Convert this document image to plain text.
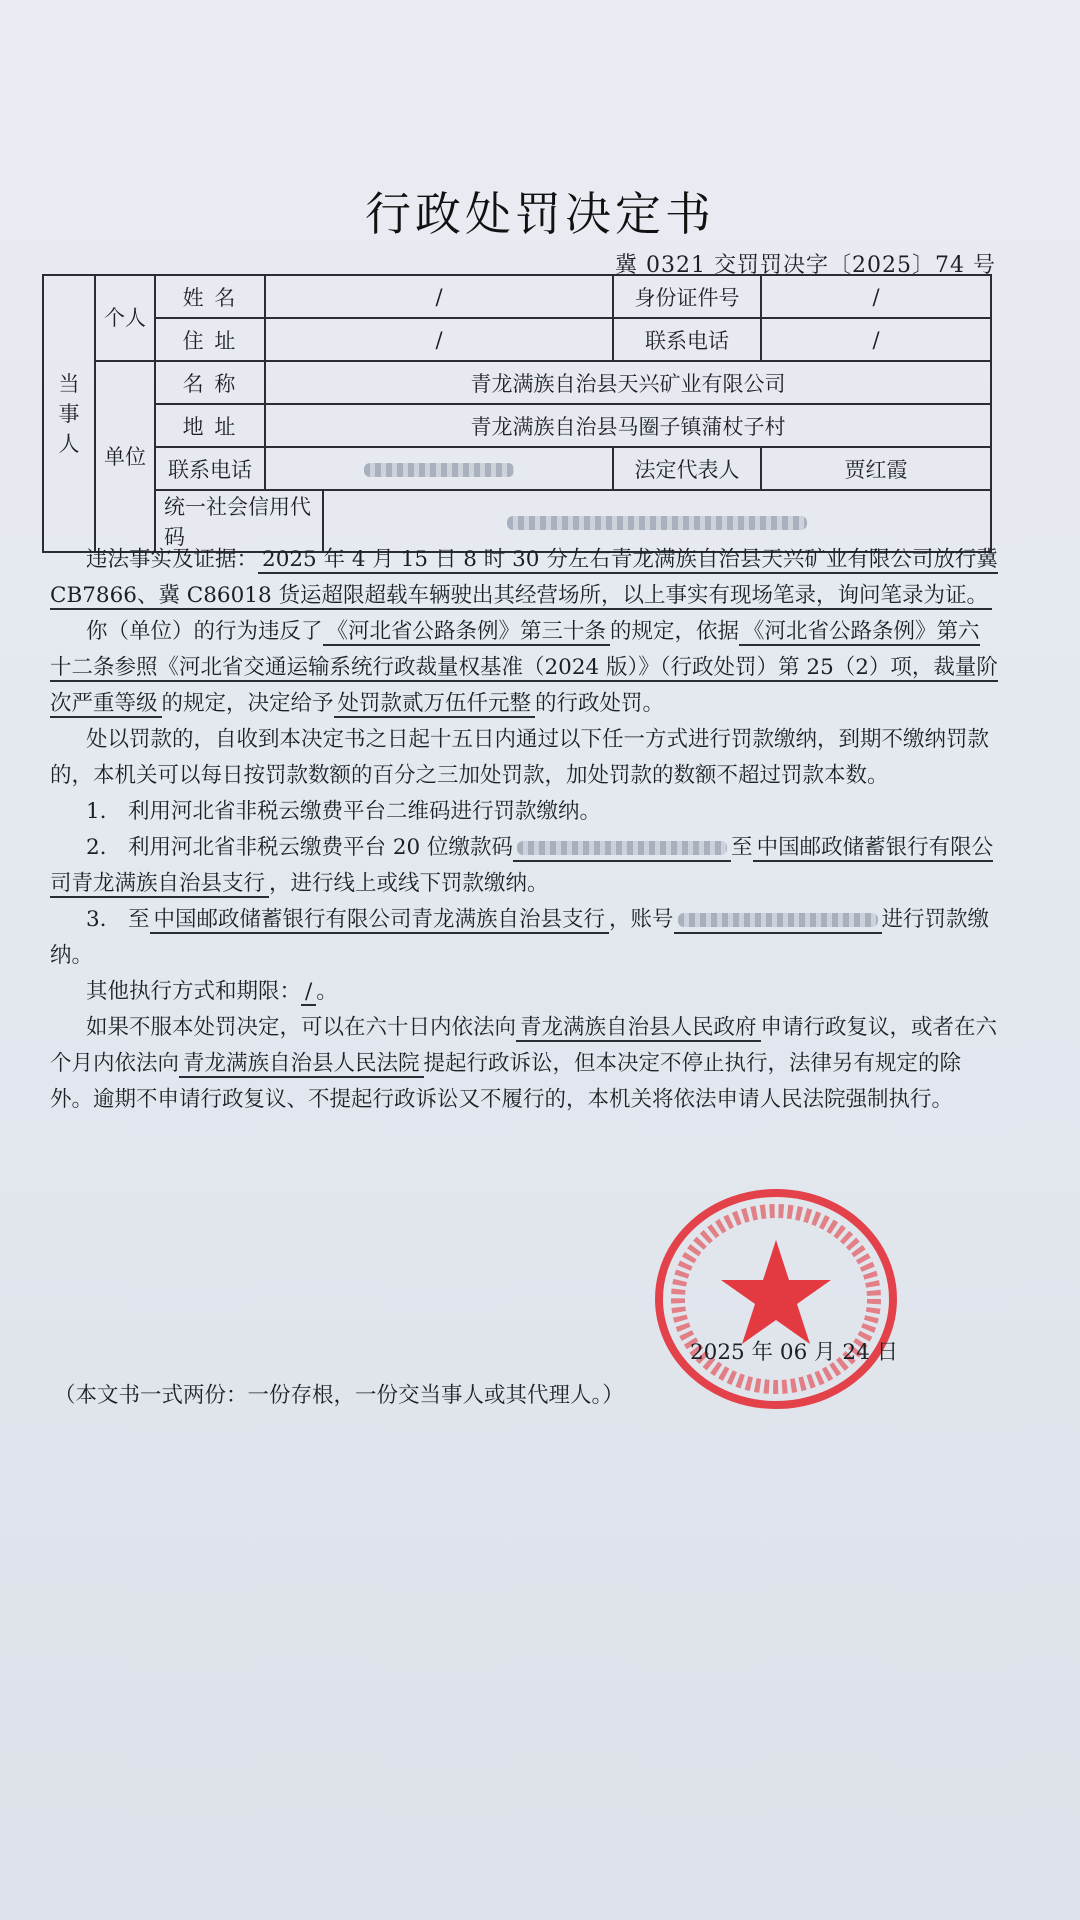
行政处罚决定书
冀 0321 交罚罚决字〔2025〕74 号
当事人	个人	姓 名	/		身份证件号	/
		住 址	/		联系电话	/
	单位	名 称	青龙满族自治县天兴矿业有限公司			
		地 址	青龙满族自治县马圈子镇蒲杖子村			
		联系电话			法定代表人	贾红霞
		统一社会信用代码				

违法事实及证据： 2025 年 4 月 15 日 8 时 30 分左右青龙满族自治县天兴矿业有限公司放行冀 CB7866、冀 C86018 货运超限超载车辆驶出其经营场所，以上事实有现场笔录，询问笔录为证。

你（单位）的行为违反了 《河北省公路条例》第三十条 的规定，依据 《河北省公路条例》第六十二条参照《河北省交通运输系统行政裁量权基准（2024 版）》（行政处罚）第 25（2）项，裁量阶次严重等级 的规定，决定给予 处罚款贰万伍仟元整 的行政处罚。

处以罚款的，自收到本决定书之日起十五日内通过以下任一方式进行罚款缴纳，到期不缴纳罚款的，本机关可以每日按罚款数额的百分之三加处罚款，加处罚款的数额不超过罚款本数。

1.　利用河北省非税云缴费平台二维码进行罚款缴纳。

2.　利用河北省非税云缴费平台 20 位缴款码	至 中国邮政储蓄银行有限公司青龙满族自治县支行 ，进行线上或线下罚款缴纳。

3.　至 中国邮政储蓄银行有限公司青龙满族自治县支行 ，账号	进行罚款缴纳。

其他执行方式和期限： / 。

如果不服本处罚决定，可以在六十日内依法向 青龙满族自治县人民政府 申请行政复议，或者在六个月内依法向 青龙满族自治县人民法院 提起行政诉讼，但本决定不停止执行，法律另有规定的除外。逾期不申请行政复议、不提起行政诉讼又不履行的，本机关将依法申请人民法院强制执行。

2025 年 06 月 24 日
（本文书一式两份：一份存根，一份交当事人或其代理人。）
